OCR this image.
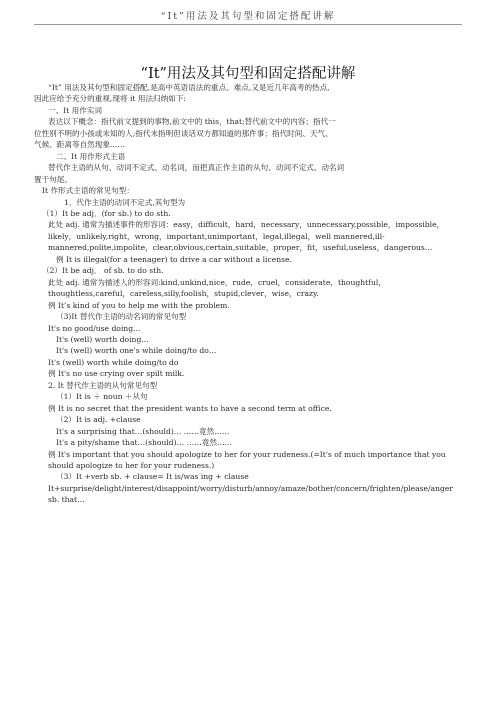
“It”用法及其句型和固定搭配讲解
“It”用法及其句型和固定搭配讲解
“It” 用法及其句型和固定搭配,是高中英语语法的重点、难点,又是近几年高考的热点,
因此应给予充分的重视,现将 it 用法归纳如下:
一、It 用作实词
表达以下概念：指代前文提到的事物,前文中的 this，that;替代前文中的内容；指代一
位性别不明的小孩或未知的人;指代未指明但谈话双方都知道的那件事；指代时间、天气、
气候、距离等自然现象……
二、It 用作形式主语
替代作主语的从句、动词不定式、动名词，而把真正作主语的从句、动词不定式、动名词
置于句尾。
It 作形式主语的常见句型：
1．代作主语的动词不定式,其句型为
（1）It be adj．(for sb.) to do sth.
此处 adj. 通常为描述事件的形容词：easy，difficult，hard，necessary，unnecessary,possible，impossible，likely，unlikely,right，wrong，important,unimportant，legal,illegal，well mannered,ill-mannered,polite,impolite，clear,obvious,certain,suitable，proper，fit，useful,useless，dangerous…
例 It is illegal(for a teenager) to drive a car without a license.
（2）It be adj． of sb. to do sth.
此处 adj. 通常为描述人的形容词:kind,unkind,nice，rude，cruel，considerate，thoughtful，thoughtless,careful，careless,silly,foolish，stupid,clever，wise，crazy.
例 It’s kind of you to help me with the problem.
（3)It 替代作主语的动名词的常见句型
It's no good/use doing…
It's (well) worth doing…
It's (well) worth one's while doing/to do…
It's (well) worth while doing/to do
例 It's no use crying over spilt milk.
2. It 替代作主语的从句常见句型
（1）It is ＋ noun ＋从句
例 It is no secret that the president wants to have a second term at office.
（2）It is adj. +clause
It's a surprising that…(should)… ……竟然……
It's a pity/shame that…(should)… ……竟然……
例 It's important that you should apologize to her for your rudeness.(=It's of much importance that you should apologize to her for your rudeness.)
（3）It +verb sb. + clause= It is/was ing + clause
It+surprise/delight/interest/disappoint/worry/disturb/annoy/amaze/bother/concern/frighten/please/anger sb. that…
